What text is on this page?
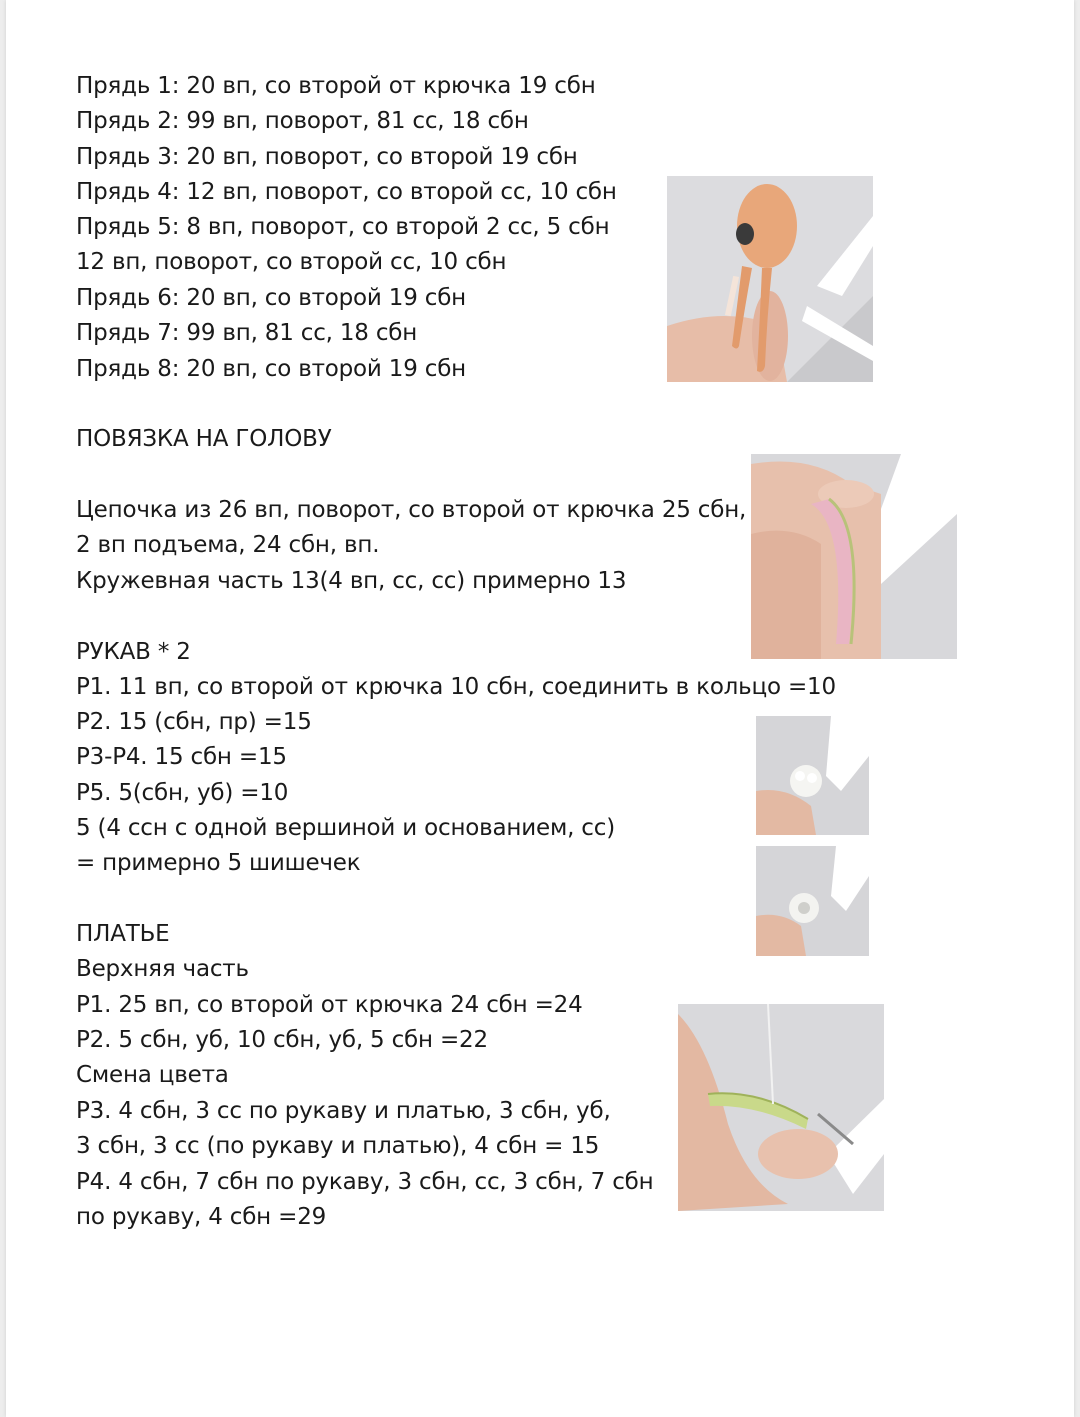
Прядь 1: 20 вп, со второй от крючка 19 сбн
Прядь 2: 99 вп, поворот, 81 сс, 18 сбн
Прядь 3: 20 вп, поворот, со второй 19 сбн
Прядь 4: 12 вп, поворот, со второй сс, 10 сбн
Прядь 5: 8 вп, поворот, со второй 2 сс, 5 сбн
12 вп, поворот, со второй сс, 10 сбн
Прядь 6: 20 вп, со второй 19 сбн
Прядь 7: 99 вп, 81 сс, 18 сбн
Прядь 8: 20 вп, со второй 19 сбн
ПОВЯЗКА НА ГОЛОВУ
Цепочка из 26 вп, поворот, со второй от крючка 25 сбн,
2 вп подъема, 24 сбн, вп.
Кружевная часть 13(4 вп, сс, сс) примерно 13
РУКАВ * 2
Р1. 11 вп, со второй от крючка 10 сбн, соединить в кольцо =10
Р2. 15 (сбн, пр) =15
Р3-Р4. 15 сбн =15
Р5. 5(сбн, уб) =10
5 (4 ссн с одной вершиной и основанием, сс)
= примерно 5 шишечек
ПЛАТЬЕ
Верхняя часть
Р1. 25 вп, со второй от крючка 24 сбн =24
Р2. 5 сбн, уб, 10 сбн, уб, 5 сбн =22
Смена цвета
Р3. 4 сбн, 3 сс по рукаву и платью, 3 сбн, уб,
3 сбн, 3 сс (по рукаву и платью), 4 сбн = 15
Р4. 4 сбн, 7 сбн по рукаву, 3 сбн, сс, 3 сбн, 7 сбн
по рукаву, 4 сбн =29
